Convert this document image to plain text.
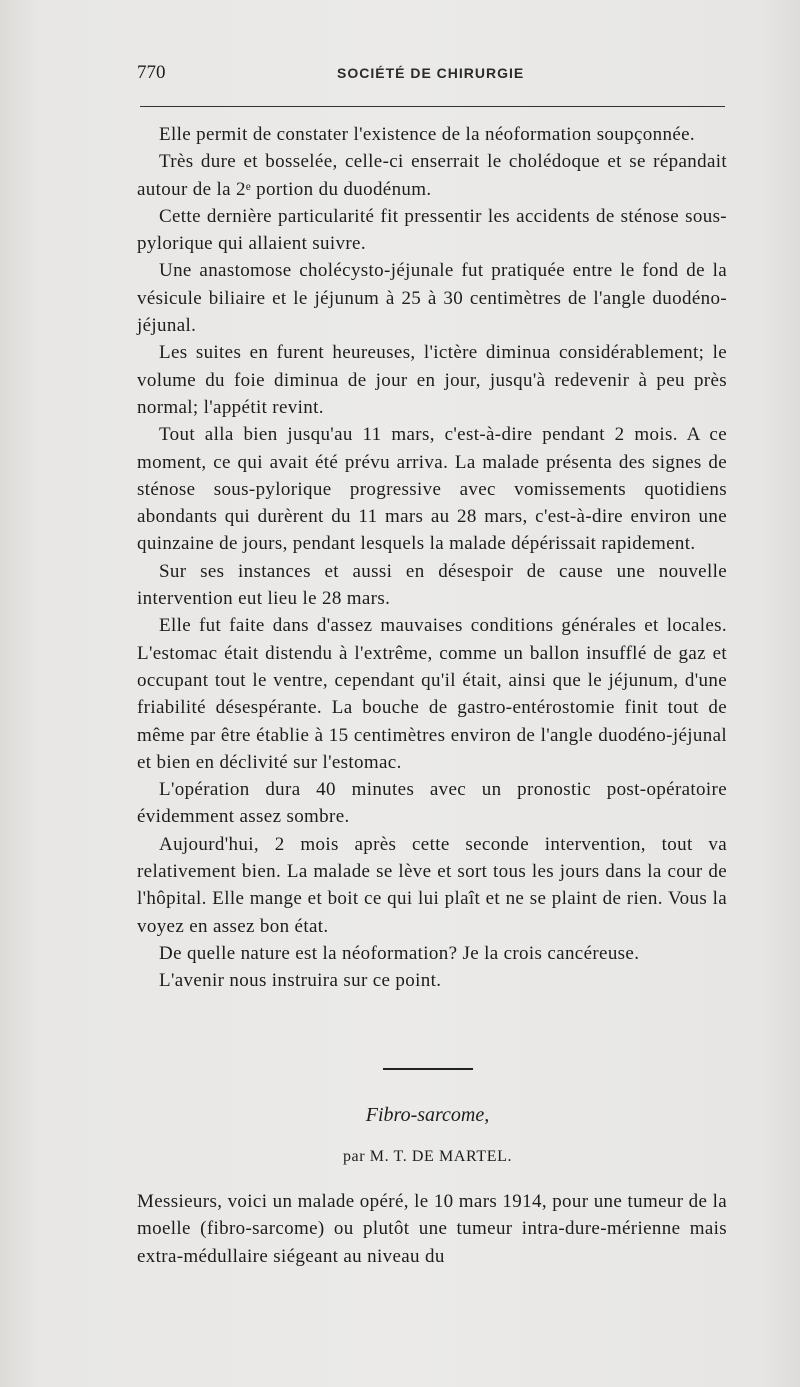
770	SOCIÉTÉ DE CHIRURGIE

Elle permit de constater l'existence de la néoformation soupçonnée.

Très dure et bosselée, celle-ci enserrait le cholédoque et se répandait autour de la 2ᵉ portion du duodénum.

Cette dernière particularité fit pressentir les accidents de sténose sous-pylorique qui allaient suivre.

Une anastomose cholécysto-jéjunale fut pratiquée entre le fond de la vésicule biliaire et le jéjunum à 25 à 30 centimètres de l'angle duodéno-jéjunal.

Les suites en furent heureuses, l'ictère diminua considérablement; le volume du foie diminua de jour en jour, jusqu'à redevenir à peu près normal; l'appétit revint.

Tout alla bien jusqu'au 11 mars, c'est-à-dire pendant 2 mois. A ce moment, ce qui avait été prévu arriva. La malade présenta des signes de sténose sous-pylorique progressive avec vomissements quotidiens abondants qui durèrent du 11 mars au 28 mars, c'est-à-dire environ une quinzaine de jours, pendant lesquels la malade dépérissait rapidement.

Sur ses instances et aussi en désespoir de cause une nouvelle intervention eut lieu le 28 mars.

Elle fut faite dans d'assez mauvaises conditions générales et locales. L'estomac était distendu à l'extrême, comme un ballon insufflé de gaz et occupant tout le ventre, cependant qu'il était, ainsi que le jéjunum, d'une friabilité désespérante. La bouche de gastro-entérostomie finit tout de même par être établie à 15 centimètres environ de l'angle duodéno-jéjunal et bien en déclivité sur l'estomac.

L'opération dura 40 minutes avec un pronostic post-opératoire évidemment assez sombre.

Aujourd'hui, 2 mois après cette seconde intervention, tout va relativement bien. La malade se lève et sort tous les jours dans la cour de l'hôpital. Elle mange et boit ce qui lui plaît et ne se plaint de rien. Vous la voyez en assez bon état.

De quelle nature est la néoformation? Je la crois cancéreuse.

L'avenir nous instruira sur ce point.

Fibro-sarcome,
par M. T. DE MARTEL.

Messieurs, voici un malade opéré, le 10 mars 1914, pour une tumeur de la moelle (fibro-sarcome) ou plutôt une tumeur intra-dure-mérienne mais extra-médullaire siégeant au niveau du
